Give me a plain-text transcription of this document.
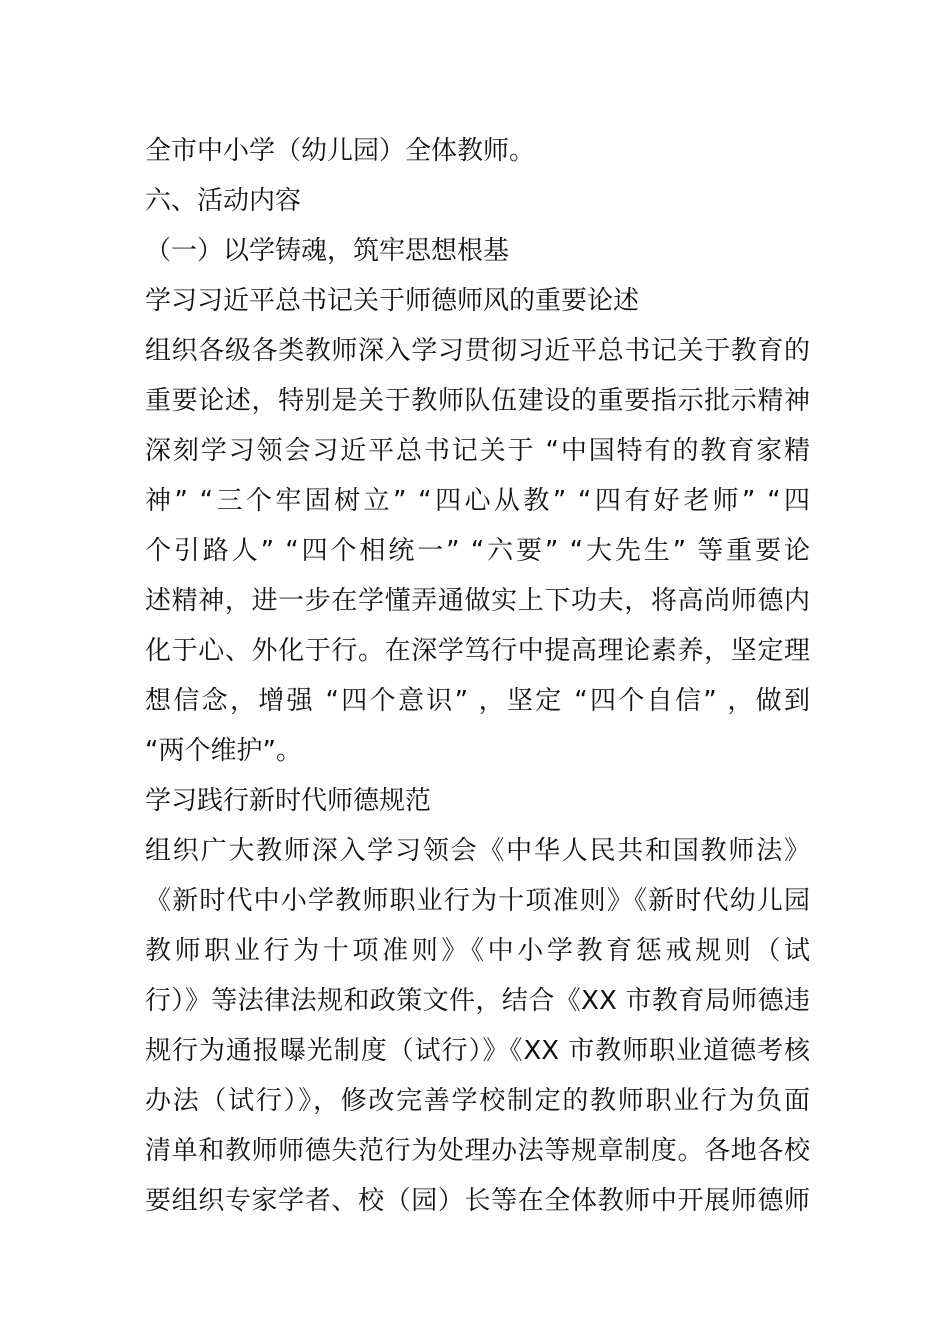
全市中小学（幼儿园）全体教师。
六、活动内容
（一）以学铸魂，筑牢思想根基
学习习近平总书记关于师德师风的重要论述
组织各级各类教师深入学习贯彻习近平总书记关于教育的
重要论述，特别是关于教师队伍建设的重要指示批示精神
深刻学习领会习近平总书记关于 “中国特有的教育家精
神” “三个牢固树立” “四心从教” “四有好老师” “四
个引路人” “四个相统一” “六要” “大先生” 等重要论
述精神，进一步在学懂弄通做实上下功夫，将高尚师德内
化于心、外化于行。在深学笃行中提高理论素养，坚定理
想信念，增强 “四个意识” ，坚定 “四个自信” ，做到
“两个维护”。
学习践行新时代师德规范
组织广大教师深入学习领会《中华人民共和国教师法》
《新时代中小学教师职业行为十项准则》《新时代幼儿园
教师职业行为十项准则》《中小学教育惩戒规则（试
行）》等法律法规和政策文件，结合《XX 市教育局师德违
规行为通报曝光制度（试行）》《XX 市教师职业道德考核
办法（试行）》，修改完善学校制定的教师职业行为负面
清单和教师师德失范行为处理办法等规章制度。各地各校
要组织专家学者、校（园）长等在全体教师中开展师德师
